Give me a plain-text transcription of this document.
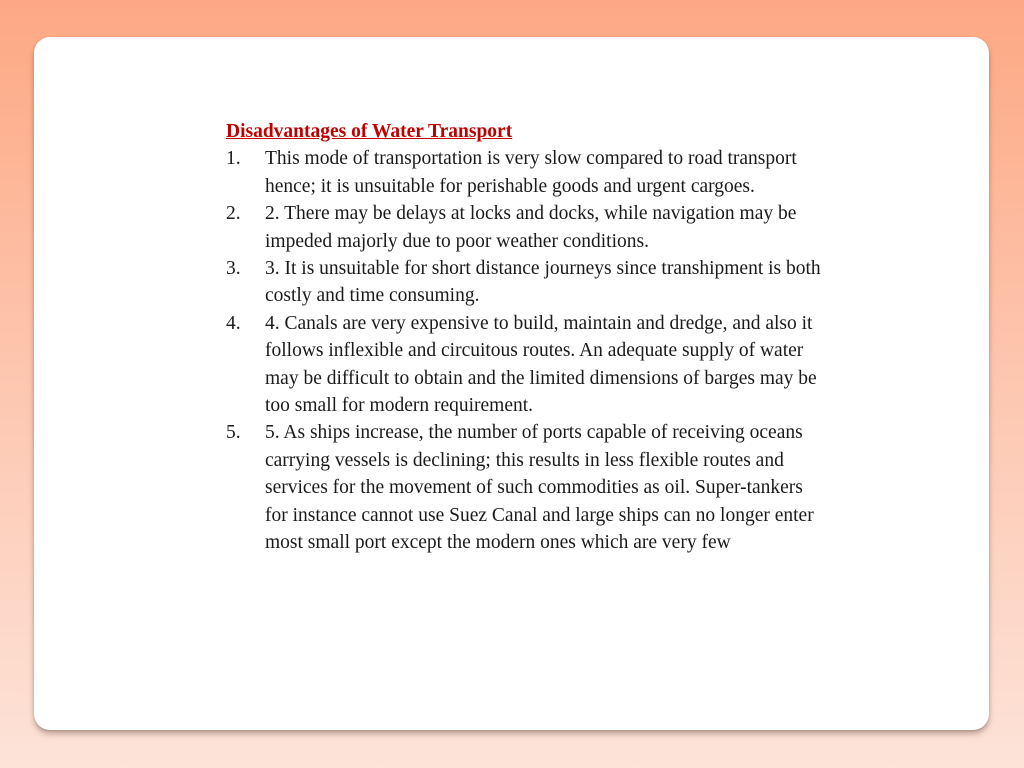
Disadvantages of Water Transport
1. This mode of transportation is very slow compared to road transport hence; it is unsuitable for perishable goods and urgent cargoes.
2. 2. There may be delays at locks and docks, while navigation may be impeded majorly due to poor weather conditions.
3. 3. It is unsuitable for short distance journeys since transhipment is both costly and time consuming.
4. 4. Canals are very expensive to build, maintain and dredge, and also it follows inflexible and circuitous routes. An adequate supply of water may be difficult to obtain and the limited dimensions of barges may be too small for modern requirement.
5. 5. As ships increase, the number of ports capable of receiving oceans carrying vessels is declining; this results in less flexible routes and services for the movement of such commodities as oil. Super-tankers for instance cannot use Suez Canal and large ships can no longer enter most small port except the modern ones which are very few
